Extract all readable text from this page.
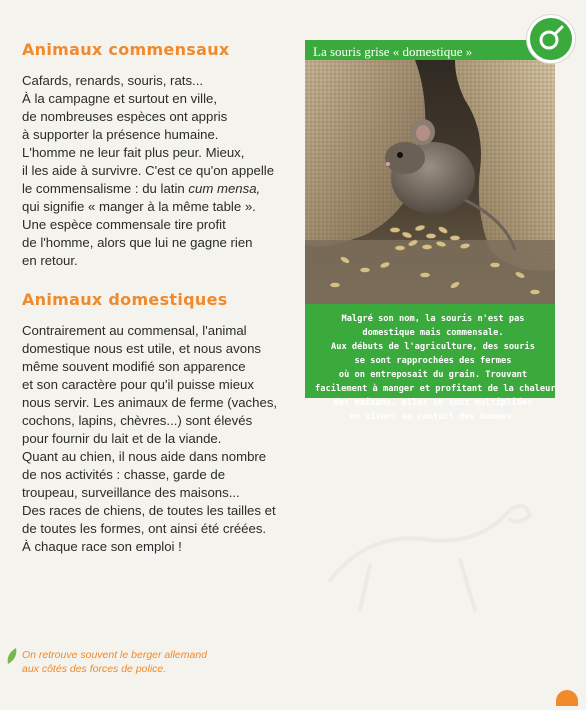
Animaux commensaux

Cafards, renards, souris, rats...
À la campagne et surtout en ville,
de nombreuses espèces ont appris
à supporter la présence humaine.
L'homme ne leur fait plus peur. Mieux,
il les aide à survivre. C'est ce qu'on appelle
le commensalisme : du latin cum mensa,
qui signifie « manger à la même table ».
Une espèce commensale tire profit
de l'homme, alors que lui ne gagne rien
en retour.

Animaux domestiques

Contrairement au commensal, l'animal
domestique nous est utile, et nous avons
même souvent modifié son apparence
et son caractère pour qu'il puisse mieux
nous servir. Les animaux de ferme (vaches,
cochons, lapins, chèvres...) sont élevés
pour fournir du lait et de la viande.
Quant au chien, il nous aide dans nombre
de nos activités : chasse, garde de
troupeau, surveillance des maisons...
Des races de chiens, de toutes les tailles et
de toutes les formes, ont ainsi été créées.
À chaque race son emploi !

La souris grise « domestique »
Malgré son nom, la souris n'est pas
domestique mais commensale.
Aux débuts de l'agriculture, des souris
se sont rapprochées des fermes
où on entreposait du grain. Trouvant
facilement à manger et profitant de la chaleur
des maisons, elles se sont multipliées
en vivant au contact des hommes.

On retrouve souvent le berger allemand
aux côtés des forces de police.
